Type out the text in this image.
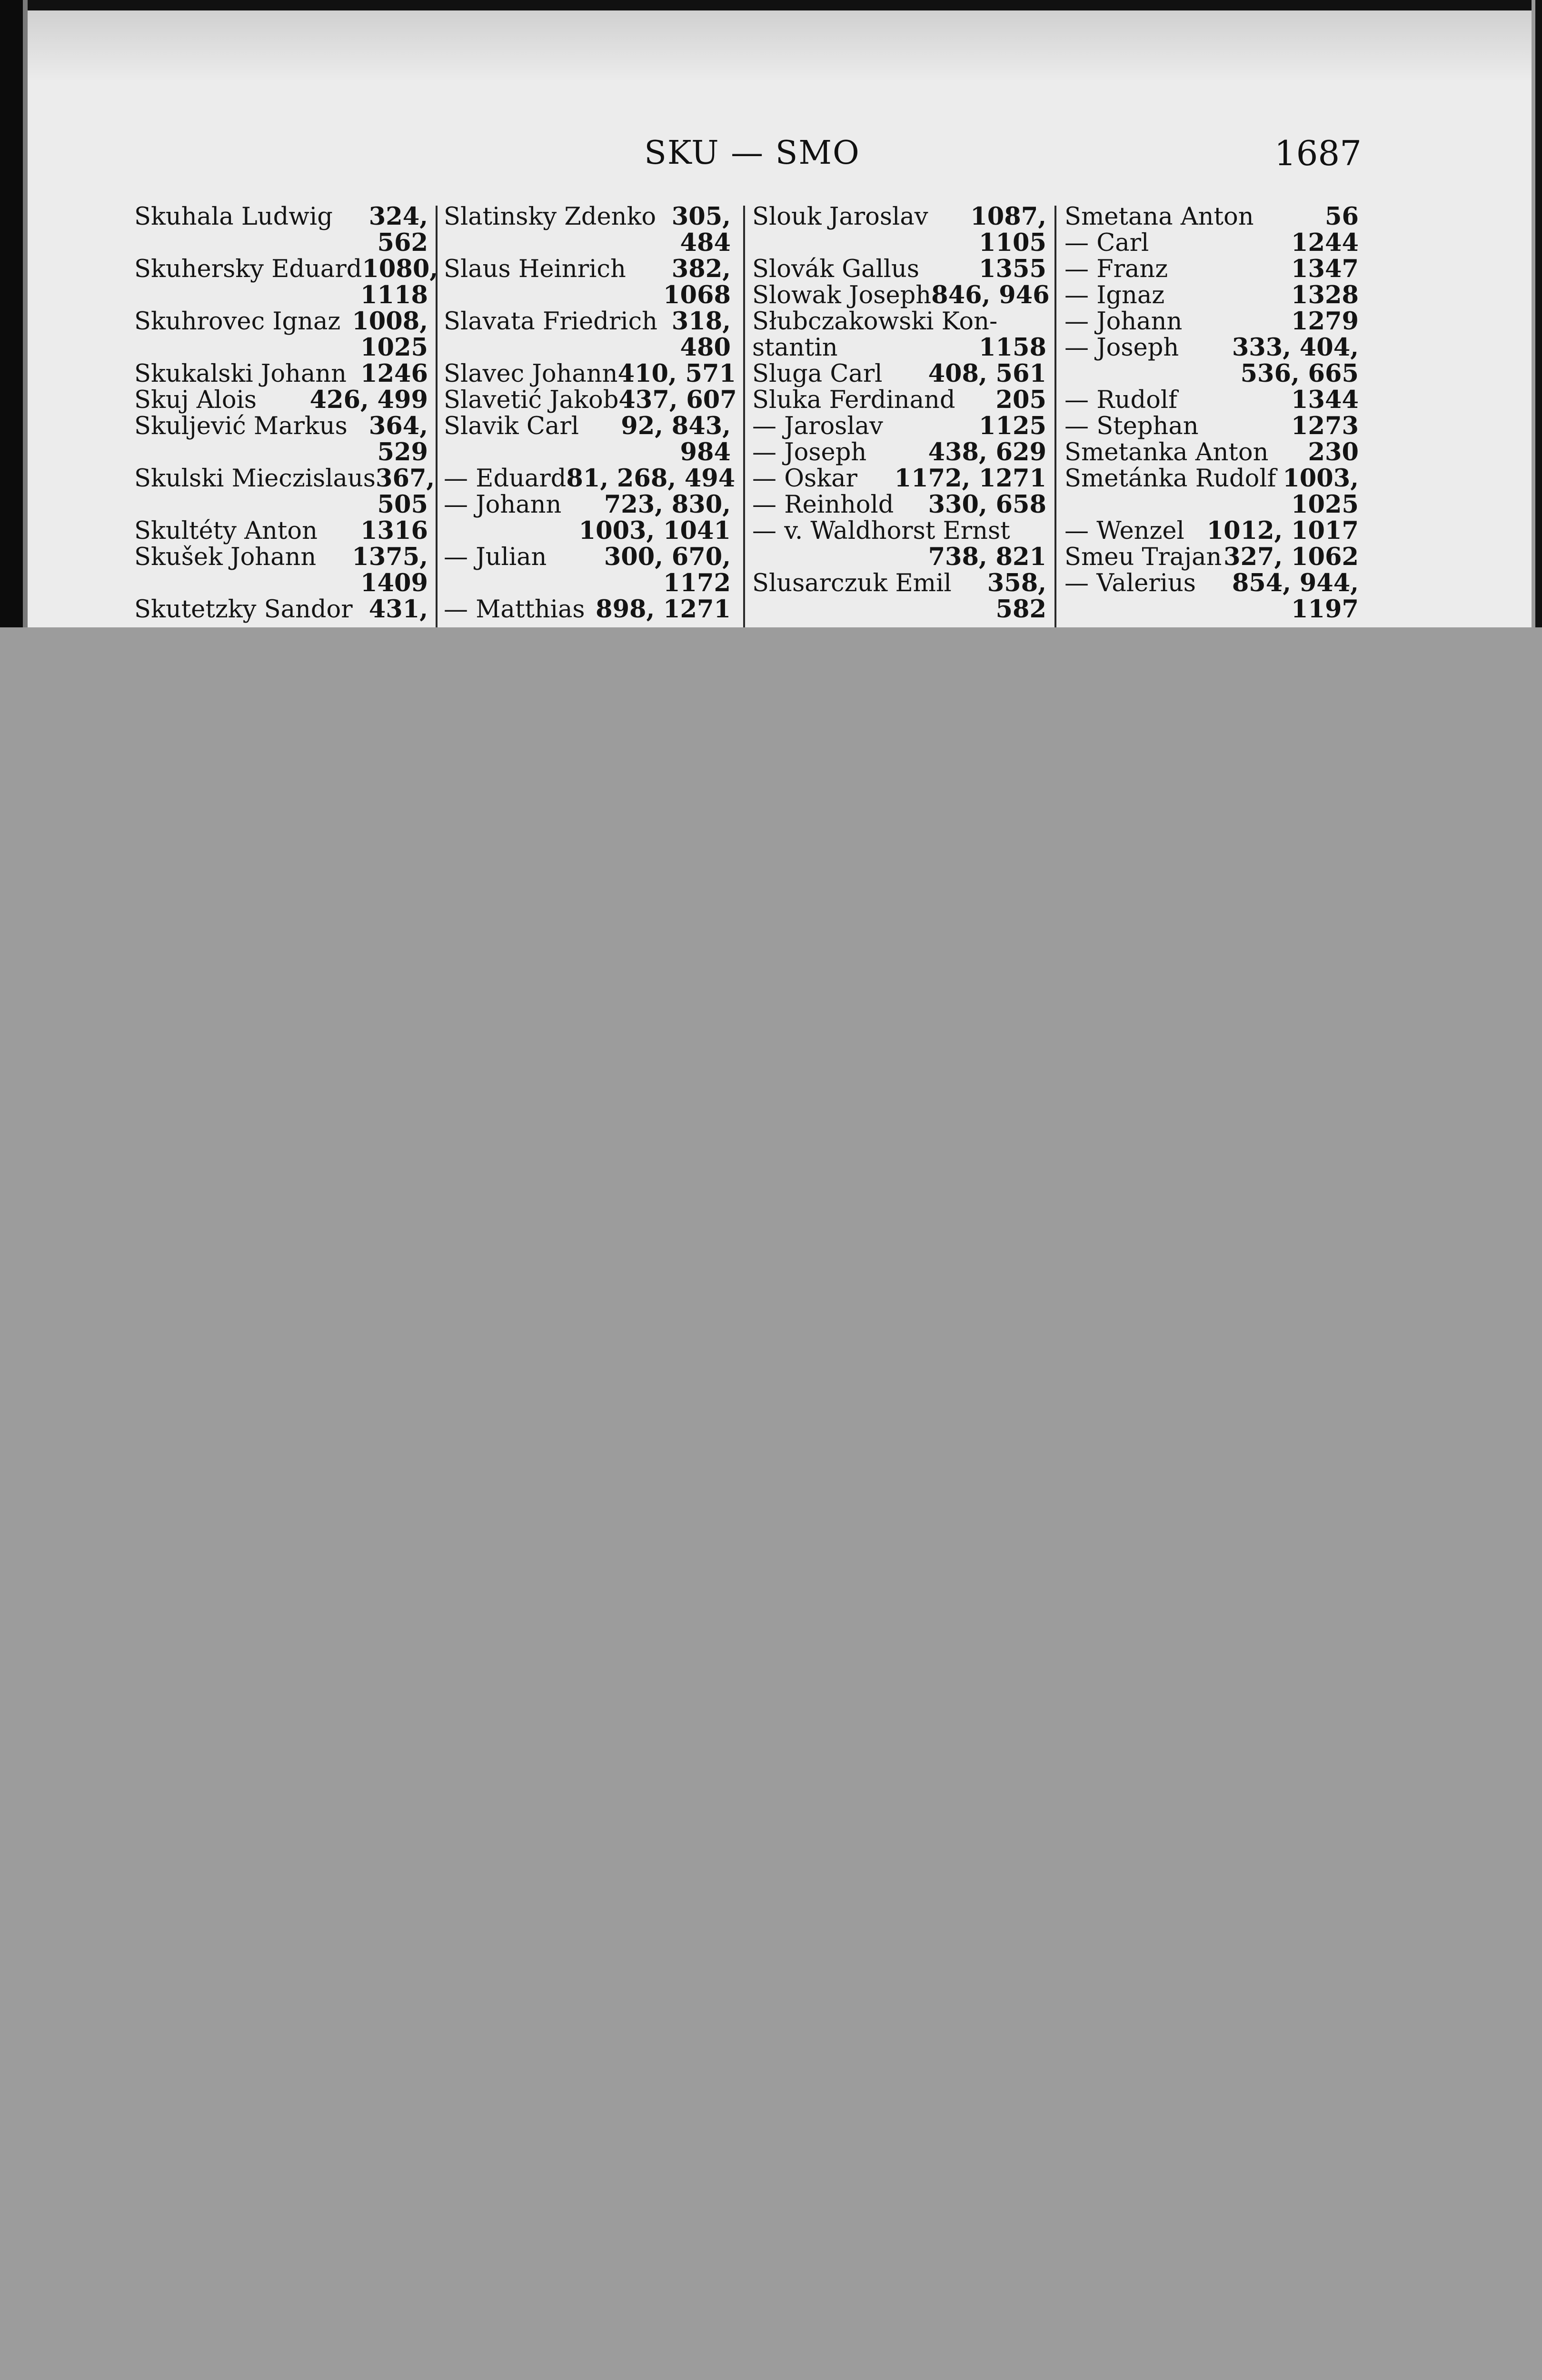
SKU — SMO	1687
Skuhala Ludwig 324,
562
Skuhersky Eduard 1080,
1118
Skuhrovec Ignaz 1008,
1025
Skukalski Johann 1246
Skuj Alois 426, 499
Skuljević Markus 364,
529
Skulski Mieczislaus 367,
505
Skultéty Anton 1316
Skušek Johann 1375,
1409
Skutetzky Sandor 431,
Slatinsky Zdenko 305,
484
Slaus Heinrich 382,
1068
Slavata Friedrich 318,
480
Slavec Johann 410, 571
Slavetić Jakob 437, 607
Slavik Carl 92, 843,
984
— Eduard 81, 268, 494
— Johann 723, 830,
1003, 1041
— Julian 300, 670,
1172
— Matthias 898, 1271
Slouk Jaroslav 1087,
1105
Slovák Gallus 1355
Slowak Joseph 846, 946
Słubczakowski Kon-
stantin	1158
Sluga Carl 408, 561
Sluka Ferdinand 205
— Jaroslav	1125
— Joseph	438, 629
— Oskar 1172, 1271
— Reinhold 330, 658
— v. Waldhorst Ernst
738, 821
Slusarczuk Emil 358,
582
Smetana Anton	56
— Carl	1244
— Franz	1347
— Ignaz	1328
— Johann	1279
— Joseph 333, 404,
536, 665
— Rudolf	1344
— Stephan	1273
Smetanka Anton 230
Smetánka Rudolf 1003,
1025
— Wenzel 1012, 1017
Smeu Trajan 327, 1062
— Valerius 854, 944,
1197
